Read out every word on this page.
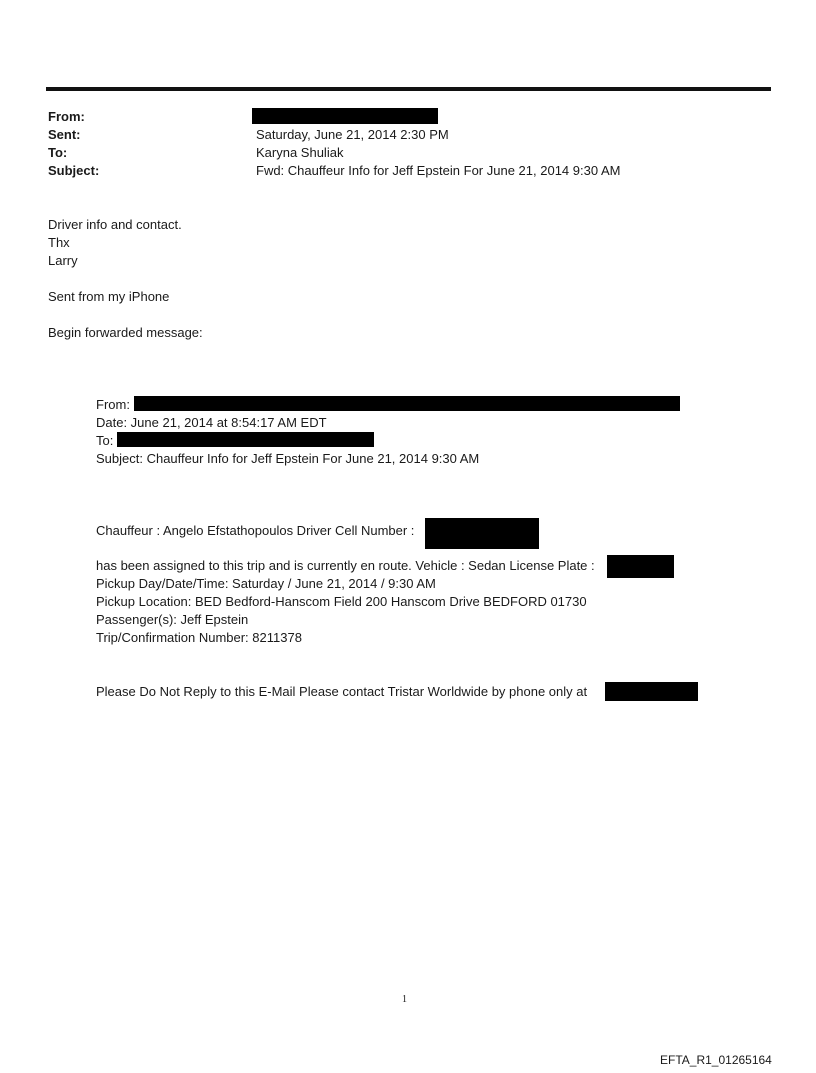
From:
Sent:	Saturday, June 21, 2014 2:30 PM
To:	Karyna Shuliak
Subject:	Fwd: Chauffeur Info for Jeff Epstein For June 21, 2014 9:30 AM
Driver info and contact.
Thx
Larry
Sent from my iPhone
Begin forwarded message:
From:
Date: June 21, 2014 at 8:54:17 AM EDT
To:
Subject: Chauffeur Info for Jeff Epstein For June 21, 2014 9:30 AM
Chauffeur : Angelo Efstathopoulos Driver Cell Number :
has been assigned to this trip and is currently en route. Vehicle : Sedan License Plate :
Pickup Day/Date/Time: Saturday / June 21, 2014 / 9:30 AM
Pickup Location: BED Bedford-Hanscom Field 200 Hanscom Drive BEDFORD 01730
Passenger(s): Jeff Epstein
Trip/Confirmation Number: 8211378
Please Do Not Reply to this E-Mail Please contact Tristar Worldwide by phone only at
1
EFTA_R1_01265164
